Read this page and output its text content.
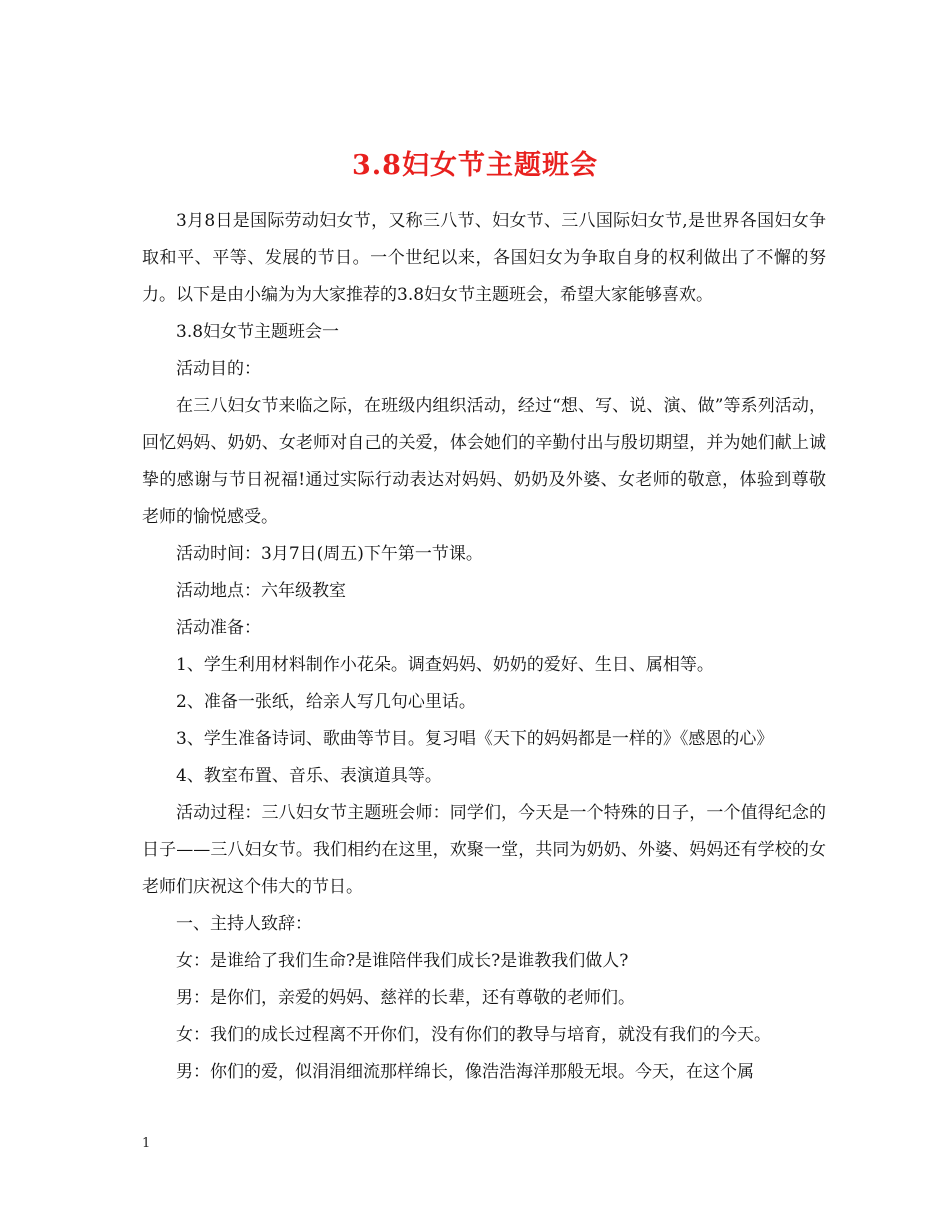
3.8妇女节主题班会

3月8日是国际劳动妇女节，又称三八节、妇女节、三八国际妇女节,是世界各国妇女争取和平、平等、发展的节日。一个世纪以来，各国妇女为争取自身的权利做出了不懈的努力。以下是由小编为为大家推荐的3.8妇女节主题班会，希望大家能够喜欢。

3.8妇女节主题班会一

活动目的：

在三八妇女节来临之际，在班级内组织活动，经过“想、写、说、演、做”等系列活动，回忆妈妈、奶奶、女老师对自己的关爱，体会她们的辛勤付出与殷切期望，并为她们献上诚挚的感谢与节日祝福!通过实际行动表达对妈妈、奶奶及外婆、女老师的敬意，体验到尊敬老师的愉悦感受。

活动时间：3月7日(周五)下午第一节课。

活动地点：六年级教室

活动准备：

1、学生利用材料制作小花朵。调查妈妈、奶奶的爱好、生日、属相等。

2、准备一张纸，给亲人写几句心里话。

3、学生准备诗词、歌曲等节目。复习唱《天下的妈妈都是一样的》《感恩的心》

4、教室布置、音乐、表演道具等。

活动过程：三八妇女节主题班会师：同学们，今天是一个特殊的日子，一个值得纪念的日子——三八妇女节。我们相约在这里，欢聚一堂，共同为奶奶、外婆、妈妈还有学校的女老师们庆祝这个伟大的节日。

一、主持人致辞：

女：是谁给了我们生命?是谁陪伴我们成长?是谁教我们做人?

男：是你们，亲爱的妈妈、慈祥的长辈，还有尊敬的老师们。

女：我们的成长过程离不开你们，没有你们的教导与培育，就没有我们的今天。

男：你们的爱，似涓涓细流那样绵长，像浩浩海洋那般无垠。今天，在这个属

1
